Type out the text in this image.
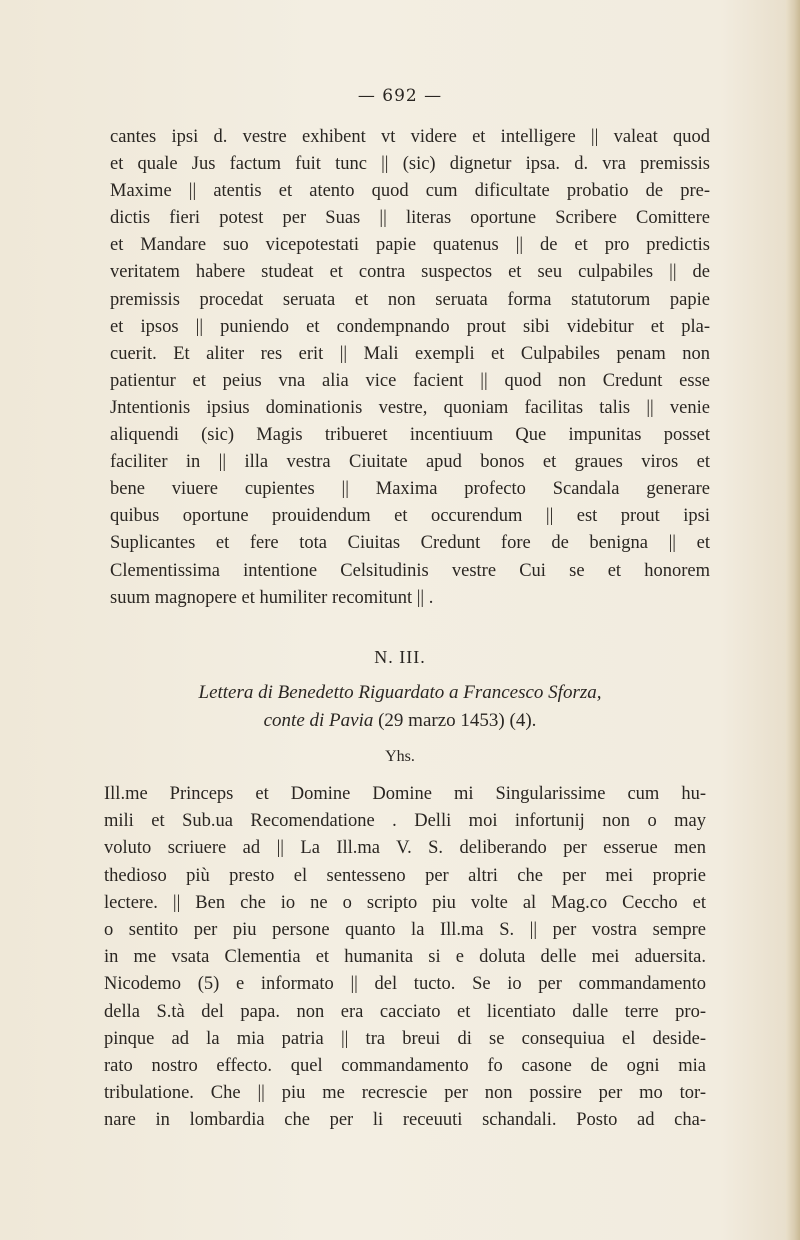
— 692 —
cantes ipsi d. vestre exhibent vt videre et intelligere || valeat quod
et quale Jus factum fuit tunc || (sic) dignetur ipsa. d. vra premissis
Maxime || atentis et atento quod cum dificultate probatio de pre-
dictis fieri potest per Suas || literas oportune Scribere Comittere
et Mandare suo vicepotestati papie quatenus || de et pro predictis
veritatem habere studeat et contra suspectos et seu culpabiles || de
premissis procedat seruata et non seruata forma statutorum papie
et ipsos || puniendo et condempnando prout sibi videbitur et pla-
cuerit. Et aliter res erit || Mali exempli et Culpabiles penam non
patientur et peius vna alia vice facient || quod non Credunt esse
Jntentionis ipsius dominationis vestre, quoniam facilitas talis || venie
aliquendi (sic) Magis tribueret incentiuum Que impunitas posset
faciliter in || illa vestra Ciuitate apud bonos et graues viros et
bene viuere cupientes || Maxima profecto Scandala generare
quibus oportune prouidendum et occurendum || est prout ipsi
Suplicantes et fere tota Ciuitas Credunt fore de benigna || et
Clementissima intentione Celsitudinis vestre Cui se et honorem
suum magnopere et humiliter recomitunt || .
N. III.
Lettera di Benedetto Riguardato a Francesco Sforza,
conte di Pavia (29 marzo 1453) (4).
Yhs.
Ill.me Princeps et Domine Domine mi Singularissime cum hu-
mili et Sub.ua Recomendatione . Delli moi infortunij non o may
voluto scriuere ad || La Ill.ma V. S. deliberando per esserue men
thedioso più presto el sentesseno per altri che per mei proprie
lectere. || Ben che io ne o scripto piu volte al Mag.co Ceccho et
o sentito per piu persone quanto la Ill.ma S. || per vostra sempre
in me vsata Clementia et humanita si e doluta delle mei aduersita.
Nicodemo (5) e informato || del tucto. Se io per commandamento
della S.tà del papa. non era cacciato et licentiato dalle terre pro-
pinque ad la mia patria || tra breui di se consequiua el deside-
rato nostro effecto. quel commandamento fo casone de ogni mia
tribulatione. Che || piu me recrescie per non possire per mo tor-
nare in lombardia che per li receuuti schandali. Posto ad cha-
